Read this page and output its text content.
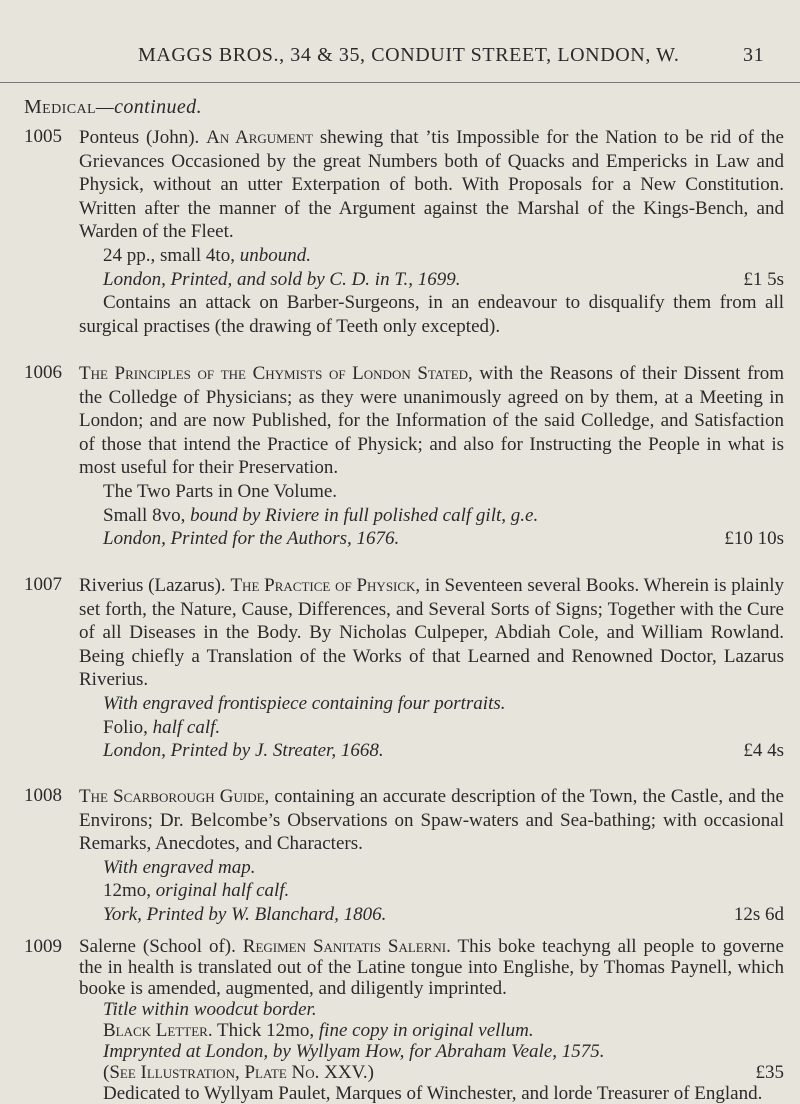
MAGGS BROS., 34 & 35, CONDUIT STREET, LONDON, W.	31
Medical—continued.
1005 Ponteus (John). An Argument shewing that ’tis Impossible for the Nation to be rid of the Grievances Occasioned by the great Numbers both of Quacks and Empericks in Law and Physick, without an utter Exterpation of both. With Proposals for a New Constitution. Written after the manner of the Argument against the Marshal of the Kings-Bench, and Warden of the Fleet.
24 pp., small 4to, unbound.
London, Printed, and sold by C. D. in T., 1699.	£1 5s
Contains an attack on Barber-Surgeons, in an endeavour to disqualify them from all surgical practises (the drawing of Teeth only excepted).
1006 The Principles of the Chymists of London Stated, with the Reasons of their Dissent from the Colledge of Physicians; as they were unanimously agreed on by them, at a Meeting in London; and are now Published, for the Information of the said Colledge, and Satisfaction of those that intend the Practice of Physick; and also for Instructing the People in what is most useful for their Preservation.
The Two Parts in One Volume.
Small 8vo, bound by Riviere in full polished calf gilt, g.e.
London, Printed for the Authors, 1676.	£10 10s
1007 Riverius (Lazarus). The Practice of Physick, in Seventeen several Books. Wherein is plainly set forth, the Nature, Cause, Differences, and Several Sorts of Signs; Together with the Cure of all Diseases in the Body. By Nicholas Culpeper, Abdiah Cole, and William Rowland. Being chiefly a Translation of the Works of that Learned and Renowned Doctor, Lazarus Riverius.
With engraved frontispiece containing four portraits.
Folio, half calf.
London, Printed by J. Streater, 1668.	£4 4s
1008 The Scarborough Guide, containing an accurate description of the Town, the Castle, and the Environs; Dr. Belcombe’s Observations on Spaw-waters and Sea-bathing; with occasional Remarks, Anecdotes, and Characters.
With engraved map.
12mo, original half calf.
York, Printed by W. Blanchard, 1806.	12s 6d
1009 Salerne (School of). Regimen Sanitatis Salerni. This boke teachyng all people to governe the in health is translated out of the Latine tongue into Englishe, by Thomas Paynell, which booke is amended, augmented, and diligently imprinted.
Title within woodcut border.
Black Letter. Thick 12mo, fine copy in original vellum.
Imprynted at London, by Wyllyam How, for Abraham Veale, 1575.
(See Illustration, Plate No. XXV.)	£35
Dedicated to Wyllyam Paulet, Marques of Winchester, and lorde Treasurer of England.
